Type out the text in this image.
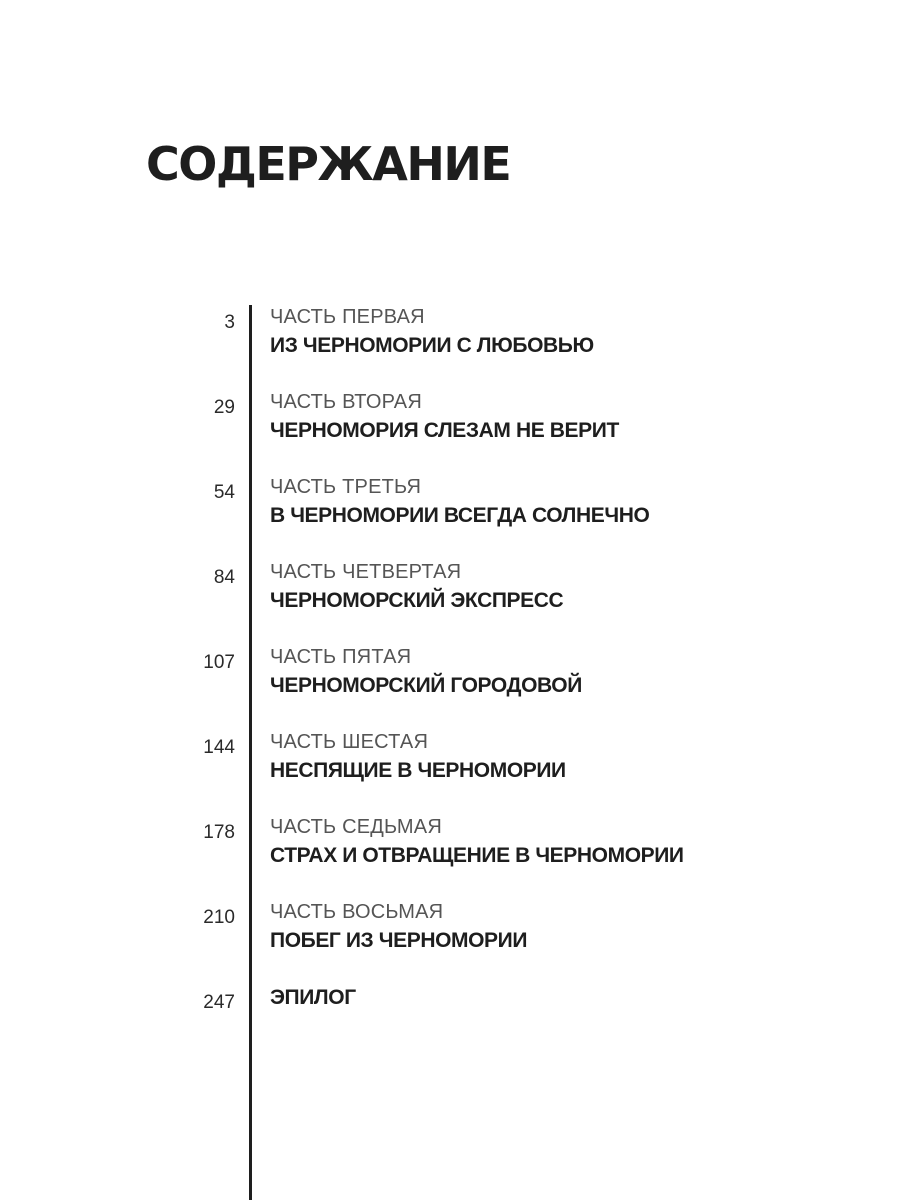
СОДЕРЖАНИЕ
3 ЧАСТЬ ПЕРВАЯ
ИЗ ЧЕРНОМОРИИ С ЛЮБОВЬЮ
29 ЧАСТЬ ВТОРАЯ
ЧЕРНОМОРИЯ СЛЕЗАМ НЕ ВЕРИТ
54 ЧАСТЬ ТРЕТЬЯ
В ЧЕРНОМОРИИ ВСЕГДА СОЛНЕЧНО
84 ЧАСТЬ ЧЕТВЕРТАЯ
ЧЕРНОМОРСКИЙ ЭКСПРЕСС
107 ЧАСТЬ ПЯТАЯ
ЧЕРНОМОРСКИЙ ГОРОДОВОЙ
144 ЧАСТЬ ШЕСТАЯ
НЕСПЯЩИЕ В ЧЕРНОМОРИИ
178 ЧАСТЬ СЕДЬМАЯ
СТРАХ И ОТВРАЩЕНИЕ В ЧЕРНОМОРИИ
210 ЧАСТЬ ВОСЬМАЯ
ПОБЕГ ИЗ ЧЕРНОМОРИИ
247 ЭПИЛОГ
